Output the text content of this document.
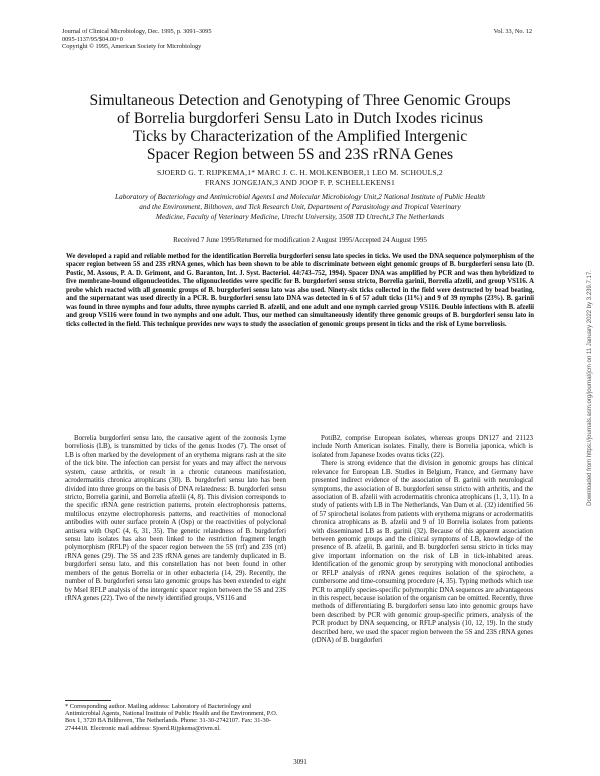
Journal of Clinical Microbiology, Dec. 1995, p. 3091–3095
0095-1137/95/$04.00+0
Copyright © 1995, American Society for Microbiology
Vol. 33, No. 12
Simultaneous Detection and Genotyping of Three Genomic Groups
of Borrelia burgdorferi Sensu Lato in Dutch Ixodes ricinus
Ticks by Characterization of the Amplified Intergenic
Spacer Region between 5S and 23S rRNA Genes
SJOERD G. T. RIJPKEMA,1* MARC J. C. H. MOLKENBOER,1 LEO M. SCHOULS,2
FRANS JONGEJAN,3 AND JOOP F. P. SCHELLEKENS1
Laboratory of Bacteriology and Antimicrobial Agents1 and Molecular Microbiology Unit,2 National Institute of Public Health
and the Environment, Bilthoven, and Tick Research Unit, Department of Parasitology and Tropical Veterinary
Medicine, Faculty of Veterinary Medicine, Utrecht University, 3508 TD Utrecht,3 The Netherlands
Received 7 June 1995/Returned for modification 2 August 1995/Accepted 24 August 1995

We developed a rapid and reliable method for the identification Borrelia burgdorferi sensu lato species in ticks. We used the DNA sequence polymorphism of the spacer region between 5S and 23S rRNA genes, which has been shown to be able to discriminate between eight genomic groups of B. burgdorferi sensu lato (D. Postic, M. Assous, P. A. D. Grimont, and G. Baranton, Int. J. Syst. Bacteriol. 44:743–752, 1994). Spacer DNA was amplified by PCR and was then hybridized to five membrane-bound oligonucleotides. The oligonucleotides were specific for B. burgdorferi sensu stricto, Borrelia garinii, Borrelia afzelii, and group VS116. A probe which reacted with all genomic groups of B. burgdorferi sensu lato was also used. Ninety-six ticks collected in the field were destructed by bead beating, and the supernatant was used directly in a PCR. B. burgdorferi sensu lato DNA was detected in 6 of 57 adult ticks (11%) and 9 of 39 nymphs (23%). B. garinii was found in three nymphs and four adults, three nymphs carried B. afzelii, and one adult and one nymph carried group VS116. Double infections with B. afzelii and group VS116 were found in two nymphs and one adult. Thus, our method can simultaneously identify three genomic groups of B. burgdorferi sensu lato in ticks collected in the field. This technique provides new ways to study the association of genomic groups present in ticks and the risk of Lyme borreliosis.

Borrelia burgdorferi sensu lato, the causative agent of the zoonosis Lyme borreliosis (LB), is transmitted by ticks of the genus Ixodes (7). The onset of LB is often marked by the development of an erythema migrans rash at the site of the tick bite. The infection can persist for years and may affect the nervous system, cause arthritis, or result in a chronic cutaneous manifestation, acrodermatitis chronica atrophicans (30). B. burgdorferi sensu lato has been divided into three groups on the basis of DNA relatedness: B. burgdorferi sensu stricto, Borrelia garinii, and Borrelia afzelii (4, 8). This division corresponds to the specific rRNA gene restriction patterns, protein electrophoresis patterns, multilocus enzyme electrophoresis patterns, and reactivities of monoclonal antibodies with outer surface protein A (Osp) or the reactivities of polyclonal antisera with OspC (4, 6, 31, 35). The genetic relatedness of B. burgdorferi sensu lato isolates has also been linked to the restriction fragment length polymorphism (RFLP) of the spacer region between the 5S (rrf) and 23S (rrl) rRNA genes (29). The 5S and 23S rRNA genes are tandemly duplicated in B. burgdorferi sensu lato, and this constellation has not been found in other members of the genus Borrelia or in other eubacteria (14, 29). Recently, the number of B. burgdorferi sensu lato genomic groups has been extended to eight by MseI RFLP analysis of the intergenic spacer region between the 5S and 23S rRNA genes (22). Two of the newly identified groups, VS116 and

PotiB2, comprise European isolates, whereas groups DN127 and 21123 include North American isolates. Finally, there is Borrelia japonica, which is isolated from Japanese Ixodes ovatus ticks (22).

There is strong evidence that the division in genomic groups has clinical relevance for European LB. Studies in Belgium, France, and Germany have presented indirect evidence of the association of B. garinii with neurological symptoms, the association of B. burgdorferi sensu stricto with arthritis, and the association of B. afzelii with acrodermatitis chronica atrophicans (1, 3, 11). In a study of patients with LB in The Netherlands, Van Dam et al. (32) identified 56 of 57 spirochetal isolates from patients with erythema migrans or acrodermatitis chronica atrophicans as B. afzelii and 9 of 10 Borrelia isolates from patients with disseminated LB as B. garinii (32). Because of this apparent association between genomic groups and the clinical symptoms of LB, knowledge of the presence of B. afzelii, B. garinii, and B. burgdorferi sensu stricto in ticks may give important information on the risk of LB in tick-inhabited areas. Identification of the genomic group by serotyping with monoclonal antibodies or RFLP analysis of rRNA genes requires isolation of the spirochete, a cumbersome and time-consuming procedure (4, 35). Typing methods which use PCR to amplify species-specific polymorphic DNA sequences are advantageous in this respect, because isolation of the organism can be omitted. Recently, three methods of differentiating B. burgdorferi sensu lato into genomic groups have been described: by PCR with genomic group-specific primers, analysis of the PCR product by DNA sequencing, or RFLP analysis (10, 12, 19). In the study described here, we used the spacer region between the 5S and 23S rRNA genes (rDNA) of B. burgdorferi

* Corresponding author. Mailing address: Laboratory of Bacteriology and Antimicrobial Agents, National Institute of Public Health and the Environment, P.O. Box 1, 3720 BA Bilthoven, The Netherlands. Phone: 31-30-2742107. Fax: 31-30-2744418. Electronic mail address: Sjoerd.Rijpkema@rivm.nl.

3091
Downloaded from https://journals.asm.org/journal/jcm on 11 January 2022 by 3.239.7.17.
